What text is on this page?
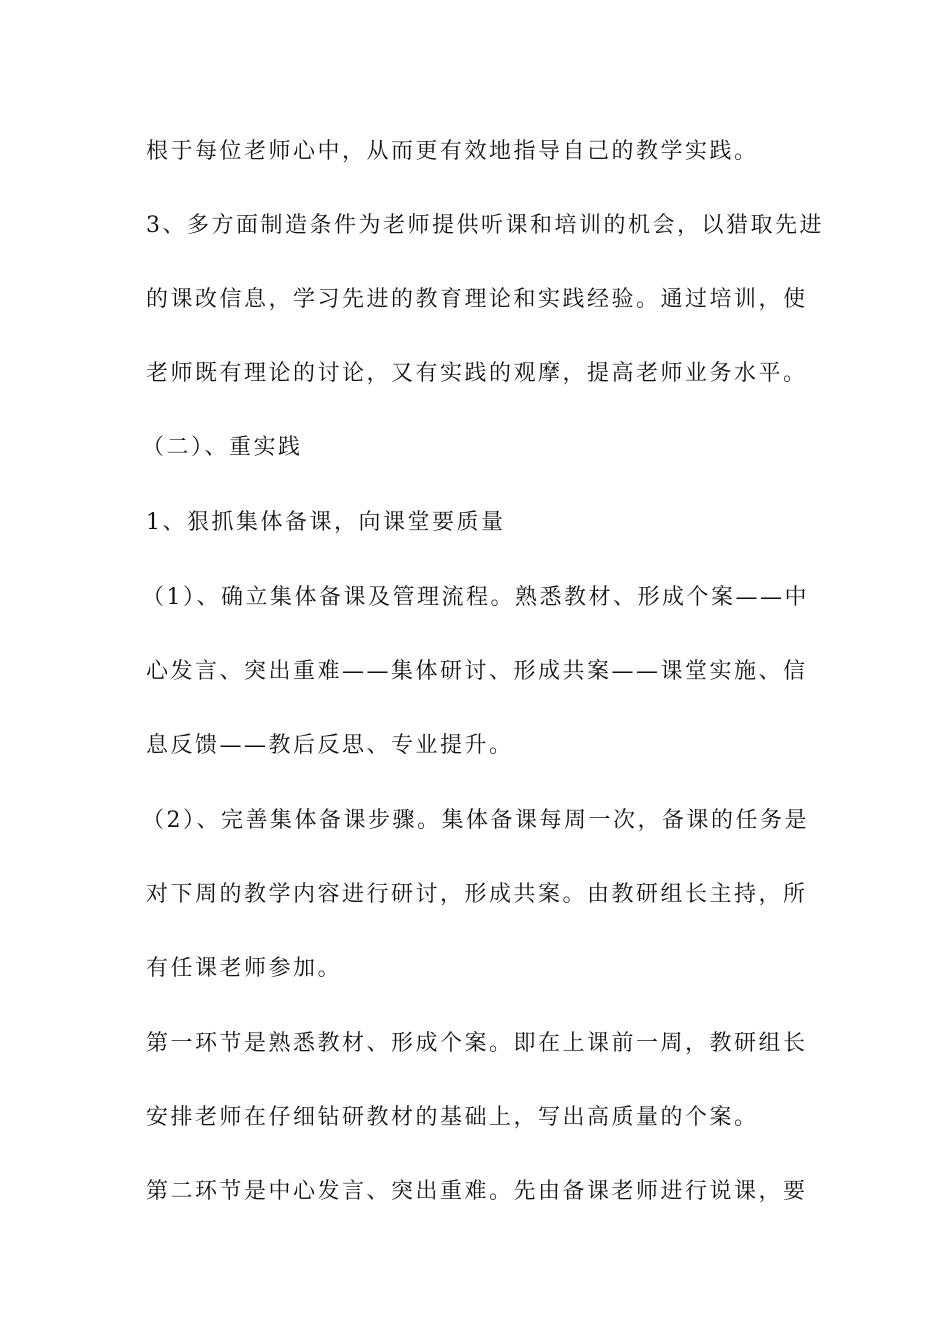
根于每位老师心中，从而更有效地指导自己的教学实践。
3、多方面制造条件为老师提供听课和培训的机会，以猎取先进
的课改信息，学习先进的教育理论和实践经验。通过培训，使
老师既有理论的讨论，又有实践的观摩，提高老师业务水平。
（二）、重实践
1、狠抓集体备课，向课堂要质量
（1）、确立集体备课及管理流程。熟悉教材、形成个案——中
心发言、突出重难——集体研讨、形成共案——课堂实施、信
息反馈——教后反思、专业提升。
（2）、完善集体备课步骤。集体备课每周一次，备课的任务是
对下周的教学内容进行研讨，形成共案。由教研组长主持，所
有任课老师参加。
第一环节是熟悉教材、形成个案。即在上课前一周，教研组长
安排老师在仔细钻研教材的基础上，写出高质量的个案。
第二环节是中心发言、突出重难。先由备课老师进行说课，要
